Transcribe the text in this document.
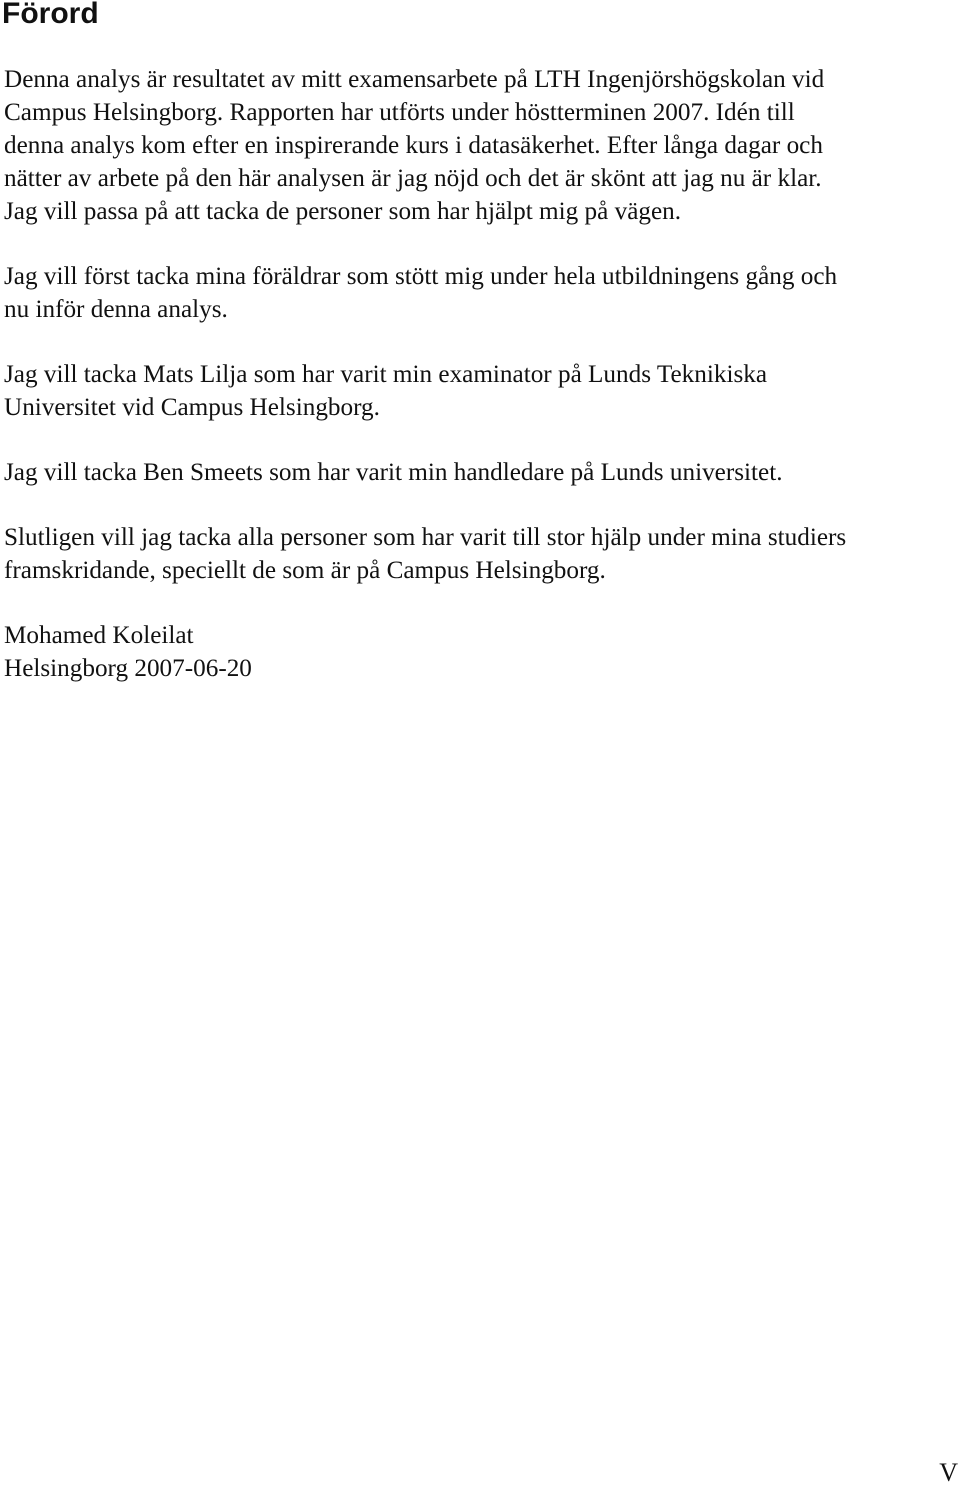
Förord

Denna analys är resultatet av mitt examensarbete på LTH Ingenjörshögskolan vid
Campus Helsingborg. Rapporten har utförts under höstterminen 2007. Idén till
denna analys kom efter en inspirerande kurs i datasäkerhet. Efter långa dagar och
nätter av arbete på den här analysen är jag nöjd och det är skönt att jag nu är klar.
Jag vill passa på att tacka de personer som har hjälpt mig på vägen.

Jag vill först tacka mina föräldrar som stött mig under hela utbildningens gång och
nu inför denna analys.

Jag vill tacka Mats Lilja som har varit min examinator på Lunds Teknikiska
Universitet vid Campus Helsingborg.

Jag vill tacka Ben Smeets som har varit min handledare på Lunds universitet.

Slutligen vill jag tacka alla personer som har varit till stor hjälp under mina studiers
framskridande, speciellt de som är på Campus Helsingborg.

Mohamed Koleilat
Helsingborg 2007-06-20

V
